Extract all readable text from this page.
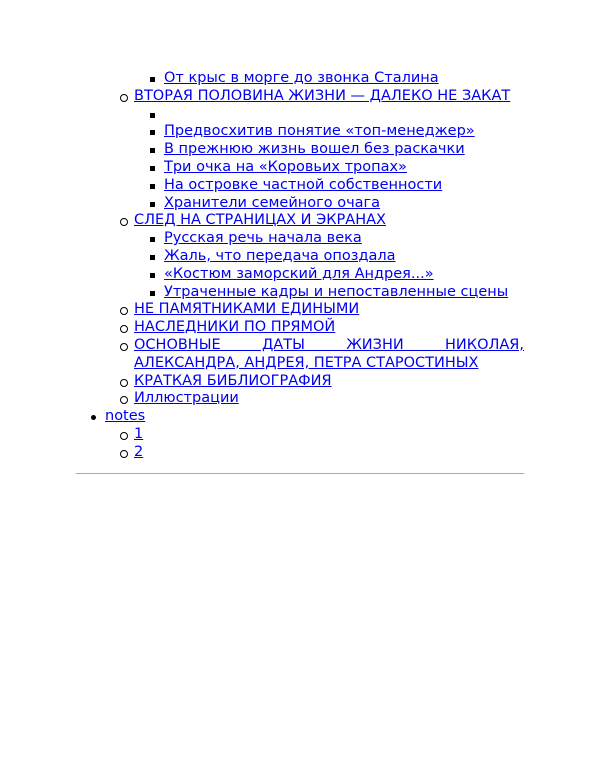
От крыс в морге до звонка Сталина
ВТОРАЯ ПОЛОВИНА ЖИЗНИ — ДАЛЕКО НЕ ЗАКАТ

Предвосхитив понятие «топ-менеджер»
В прежнюю жизнь вошел без раскачки
Три очка на «Коровьих тропах»
На островке частной собственности
Хранители семейного очага
СЛЕД НА СТРАНИЦАХ И ЭКРАНАХ
Русская речь начала века
Жаль, что передача опоздала
«Костюм заморский для Андрея...»
Утраченные кадры и непоставленные сцены
НЕ ПАМЯТНИКАМИ ЕДИНЫМИ
НАСЛЕДНИКИ ПО ПРЯМОЙ
ОСНОВНЫЕ ДАТЫ ЖИЗНИ НИКОЛАЯ, АЛЕКСАНДРА, АНДРЕЯ, ПЕТРА СТАРОСТИНЫХ
КРАТКАЯ БИБЛИОГРАФИЯ
Иллюстрации
notes
1
2
